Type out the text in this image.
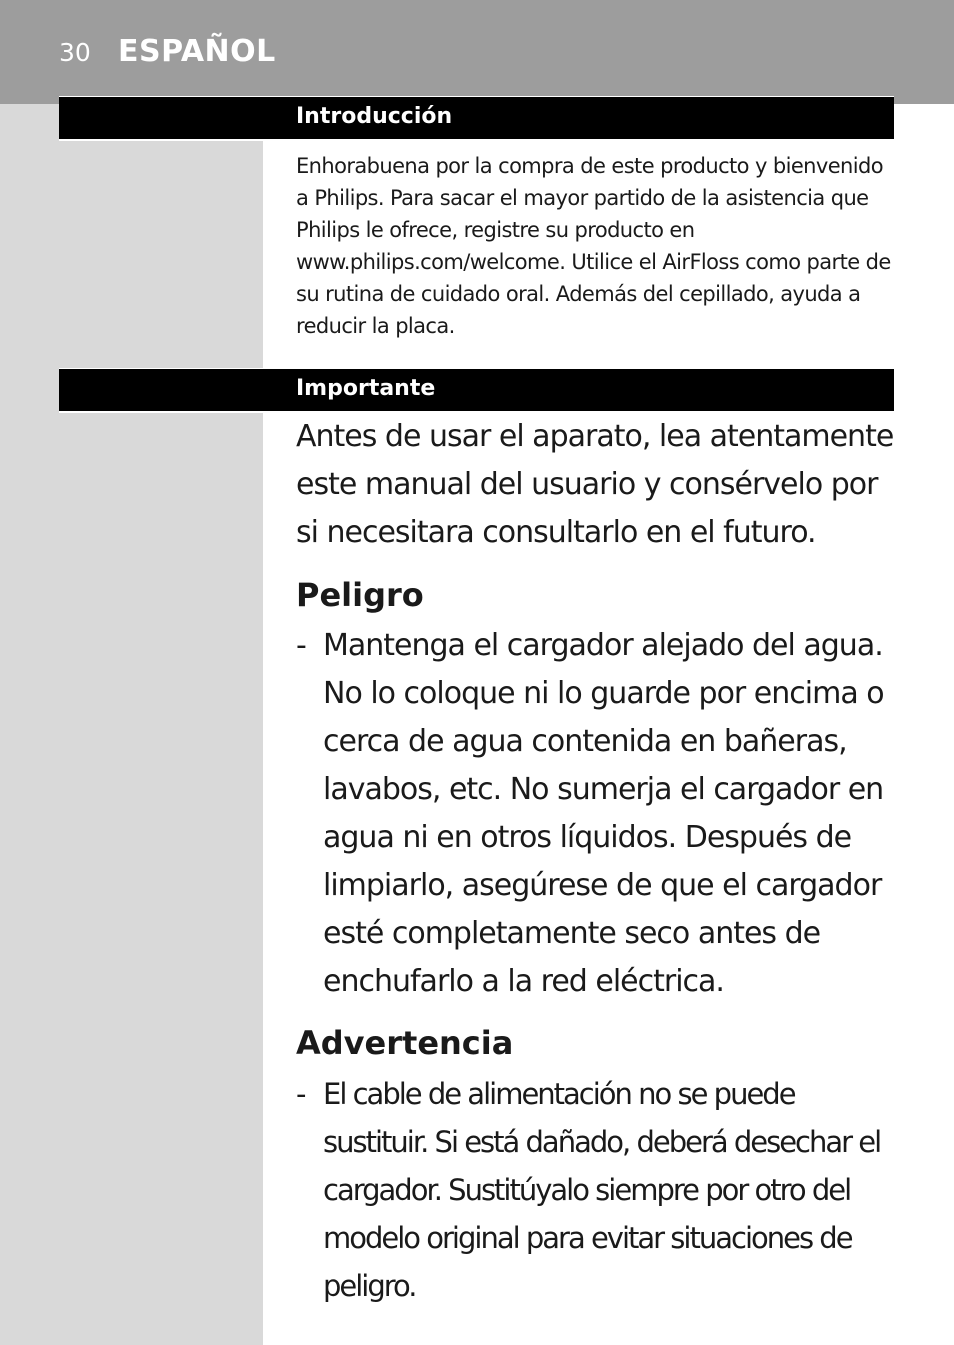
30 ESPAÑOL
Introducción
Enhorabuena por la compra de este producto y bienvenido a Philips. Para sacar el mayor partido de la asistencia que Philips le ofrece, registre su producto en www.philips.com/welcome. Utilice el AirFloss como parte de su rutina de cuidado oral. Además del cepillado, ayuda a reducir la placa.
Importante
Antes de usar el aparato, lea atentamente este manual del usuario y consérvelo por si necesitara consultarlo en el futuro.
Peligro
- Mantenga el cargador alejado del agua. No lo coloque ni lo guarde por encima o cerca de agua contenida en bañeras, lavabos, etc. No sumerja el cargador en agua ni en otros líquidos. Después de limpiarlo, asegúrese de que el cargador esté completamente seco antes de enchufarlo a la red eléctrica.
Advertencia
- El cable de alimentación no se puede sustituir. Si está dañado, deberá desechar el cargador. Sustitúyalo siempre por otro del modelo original para evitar situaciones de peligro.
